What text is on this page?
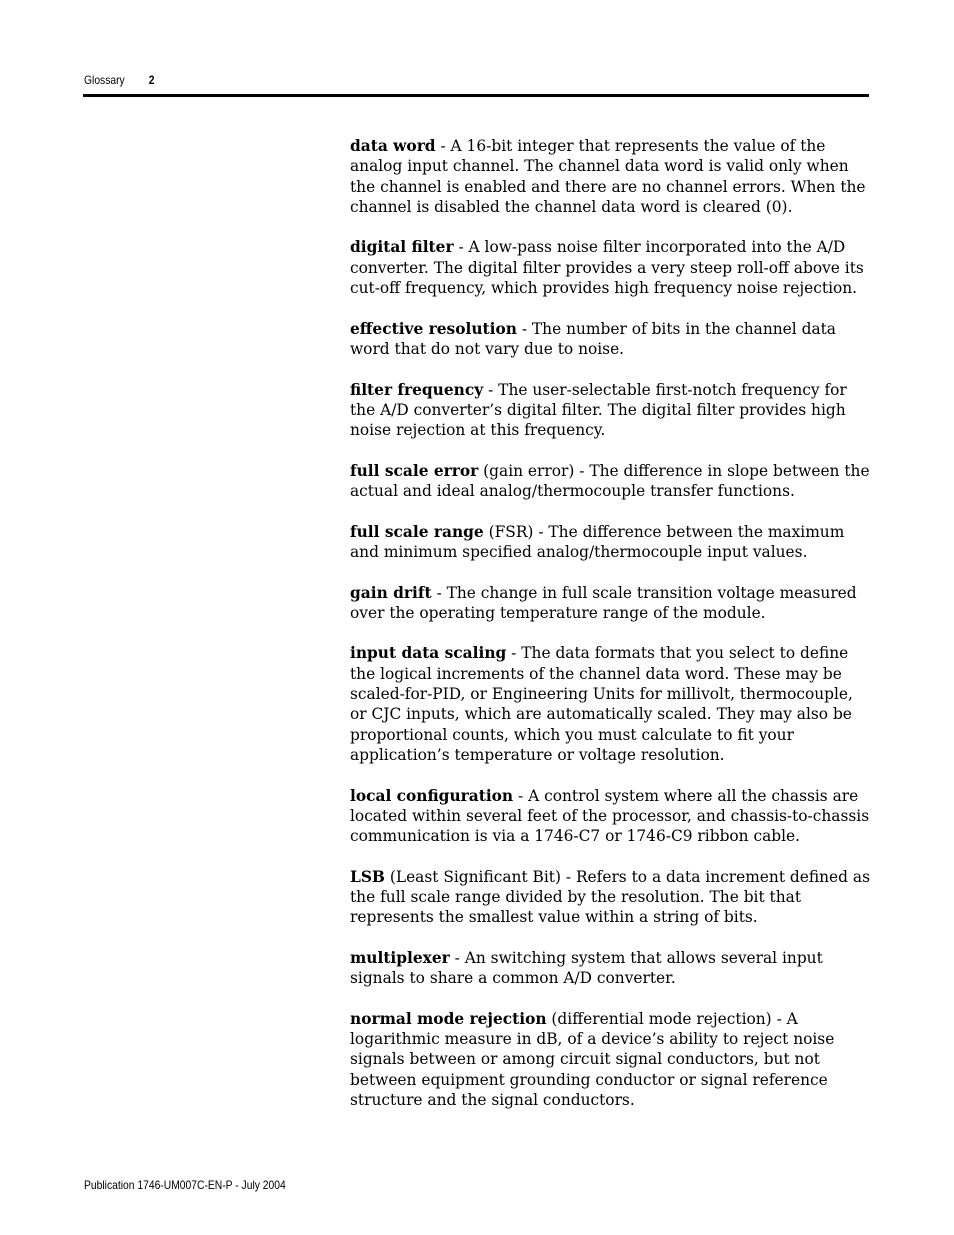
Glossary 2

data word - A 16-bit integer that represents the value of the analog input channel. The channel data word is valid only when the channel is enabled and there are no channel errors. When the channel is disabled the channel data word is cleared (0).

digital filter - A low-pass noise filter incorporated into the A/D converter. The digital filter provides a very steep roll-off above its cut-off frequency, which provides high frequency noise rejection.

effective resolution - The number of bits in the channel data word that do not vary due to noise.

filter frequency - The user-selectable first-notch frequency for the A/D converter’s digital filter. The digital filter provides high noise rejection at this frequency.

full scale error (gain error) - The difference in slope between the actual and ideal analog/thermocouple transfer functions.

full scale range (FSR) - The difference between the maximum and minimum specified analog/thermocouple input values.

gain drift - The change in full scale transition voltage measured over the operating temperature range of the module.

input data scaling - The data formats that you select to define the logical increments of the channel data word. These may be scaled-for-PID, or Engineering Units for millivolt, thermocouple, or CJC inputs, which are automatically scaled. They may also be proportional counts, which you must calculate to fit your application’s temperature or voltage resolution.

local configuration - A control system where all the chassis are located within several feet of the processor, and chassis-to-chassis communication is via a 1746-C7 or 1746-C9 ribbon cable.

LSB (Least Significant Bit) - Refers to a data increment defined as the full scale range divided by the resolution. The bit that represents the smallest value within a string of bits.

multiplexer - An switching system that allows several input signals to share a common A/D converter.

normal mode rejection (differential mode rejection) - A logarithmic measure in dB, of a device’s ability to reject noise signals between or among circuit signal conductors, but not between equipment grounding conductor or signal reference structure and the signal conductors.

Publication 1746-UM007C-EN-P - July 2004
